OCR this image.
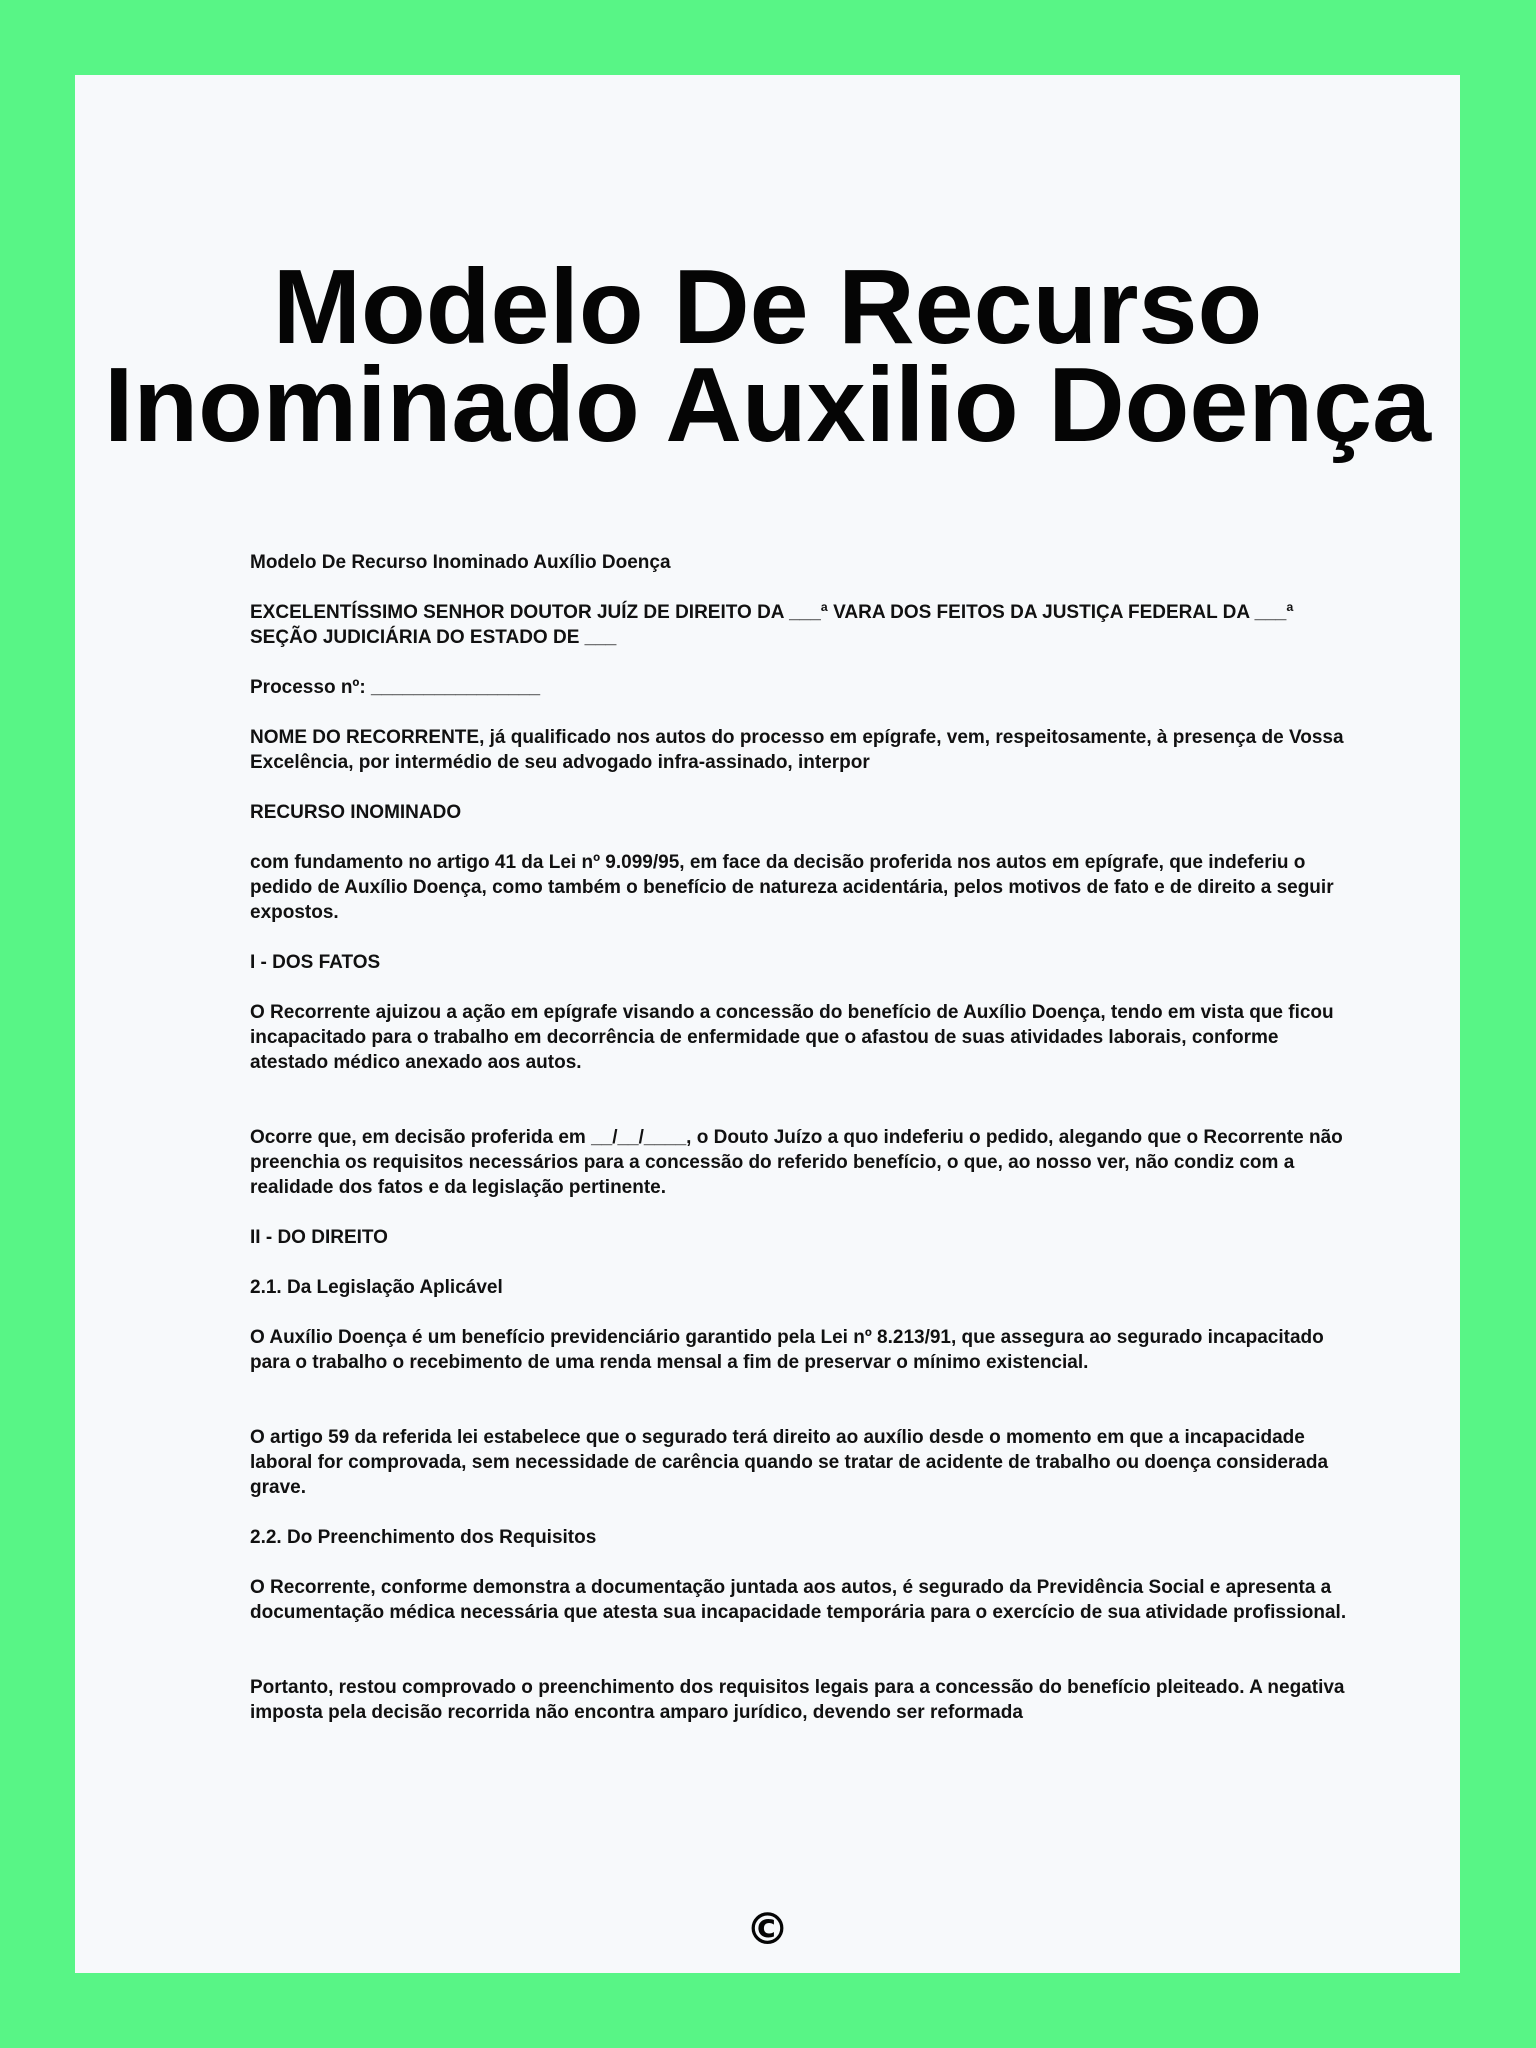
Modelo De Recurso
Inominado Auxilio Doença

Modelo De Recurso Inominado Auxílio Doença

EXCELENTÍSSIMO SENHOR DOUTOR JUÍZ DE DIREITO DA ___ª VARA DOS FEITOS DA JUSTIÇA FEDERAL DA ___ª SEÇÃO JUDICIÁRIA DO ESTADO DE ___

Processo nº: ________________

NOME DO RECORRENTE, já qualificado nos autos do processo em epígrafe, vem, respeitosamente, à presença de Vossa Excelência, por intermédio de seu advogado infra-assinado, interpor

RECURSO INOMINADO

com fundamento no artigo 41 da Lei nº 9.099/95, em face da decisão proferida nos autos em epígrafe, que indeferiu o pedido de Auxílio Doença, como também o benefício de natureza acidentária, pelos motivos de fato e de direito a seguir expostos.

I - DOS FATOS

O Recorrente ajuizou a ação em epígrafe visando a concessão do benefício de Auxílio Doença, tendo em vista que ficou incapacitado para o trabalho em decorrência de enfermidade que o afastou de suas atividades laborais, conforme atestado médico anexado aos autos.

Ocorre que, em decisão proferida em __/__/____, o Douto Juízo a quo indeferiu o pedido, alegando que o Recorrente não preenchia os requisitos necessários para a concessão do referido benefício, o que, ao nosso ver, não condiz com a realidade dos fatos e da legislação pertinente.

II - DO DIREITO

2.1. Da Legislação Aplicável

O Auxílio Doença é um benefício previdenciário garantido pela Lei nº 8.213/91, que assegura ao segurado incapacitado para o trabalho o recebimento de uma renda mensal a fim de preservar o mínimo existencial.

O artigo 59 da referida lei estabelece que o segurado terá direito ao auxílio desde o momento em que a incapacidade laboral for comprovada, sem necessidade de carência quando se tratar de acidente de trabalho ou doença considerada grave.

2.2. Do Preenchimento dos Requisitos

O Recorrente, conforme demonstra a documentação juntada aos autos, é segurado da Previdência Social e apresenta a documentação médica necessária que atesta sua incapacidade temporária para o exercício de sua atividade profissional.

Portanto, restou comprovado o preenchimento dos requisitos legais para a concessão do benefício pleiteado. A negativa imposta pela decisão recorrida não encontra amparo jurídico, devendo ser reformada

©
